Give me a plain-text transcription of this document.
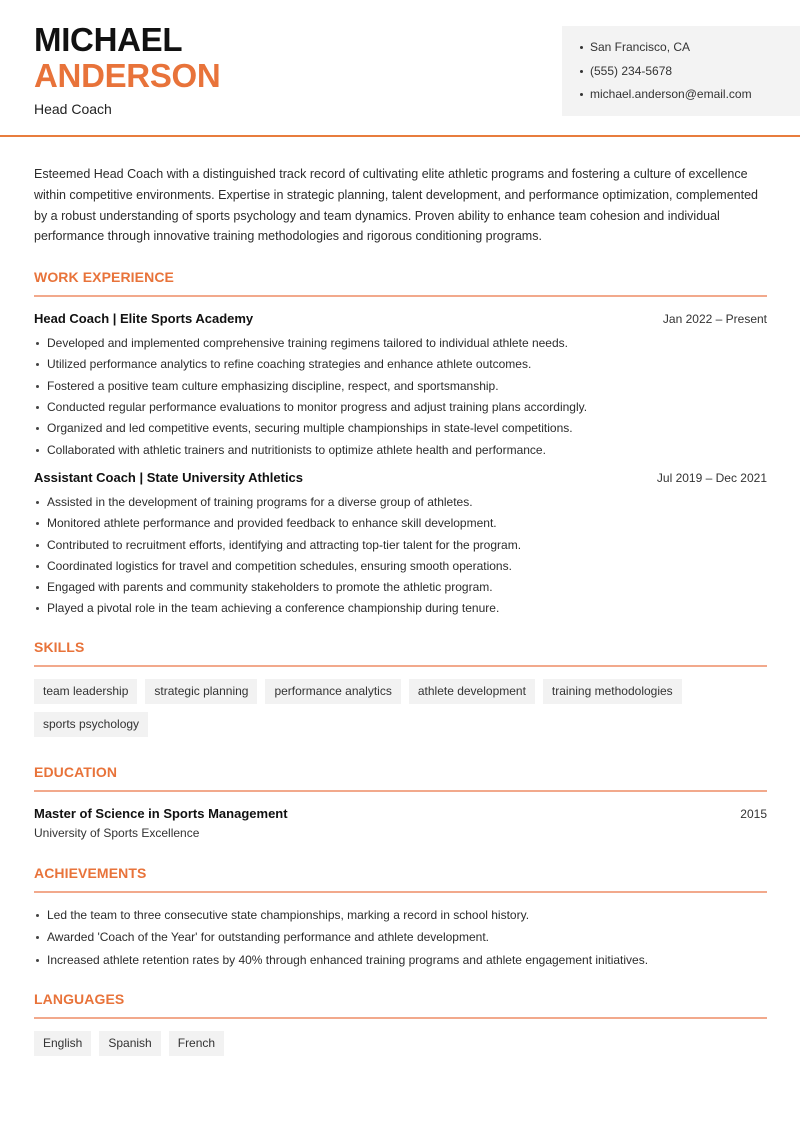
MICHAEL
ANDERSON
Head Coach
San Francisco, CA
(555) 234-5678
michael.anderson@email.com

Esteemed Head Coach with a distinguished track record of cultivating elite athletic programs and fostering a culture of excellence within competitive environments. Expertise in strategic planning, talent development, and performance optimization, complemented by a robust understanding of sports psychology and team dynamics. Proven ability to enhance team cohesion and individual performance through innovative training methodologies and rigorous conditioning programs.

WORK EXPERIENCE
Head Coach | Elite Sports Academy	Jan 2022 – Present
Developed and implemented comprehensive training regimens tailored to individual athlete needs.
Utilized performance analytics to refine coaching strategies and enhance athlete outcomes.
Fostered a positive team culture emphasizing discipline, respect, and sportsmanship.
Conducted regular performance evaluations to monitor progress and adjust training plans accordingly.
Organized and led competitive events, securing multiple championships in state-level competitions.
Collaborated with athletic trainers and nutritionists to optimize athlete health and performance.
Assistant Coach | State University Athletics	Jul 2019 – Dec 2021
Assisted in the development of training programs for a diverse group of athletes.
Monitored athlete performance and provided feedback to enhance skill development.
Contributed to recruitment efforts, identifying and attracting top-tier talent for the program.
Coordinated logistics for travel and competition schedules, ensuring smooth operations.
Engaged with parents and community stakeholders to promote the athletic program.
Played a pivotal role in the team achieving a conference championship during tenure.
SKILLS
team leadership	strategic planning	performance analytics	athlete development	training methodologies
sports psychology
EDUCATION
Master of Science in Sports Management	2015
University of Sports Excellence
ACHIEVEMENTS
Led the team to three consecutive state championships, marking a record in school history.
Awarded 'Coach of the Year' for outstanding performance and athlete development.
Increased athlete retention rates by 40% through enhanced training programs and athlete engagement initiatives.
LANGUAGES
English	Spanish	French
